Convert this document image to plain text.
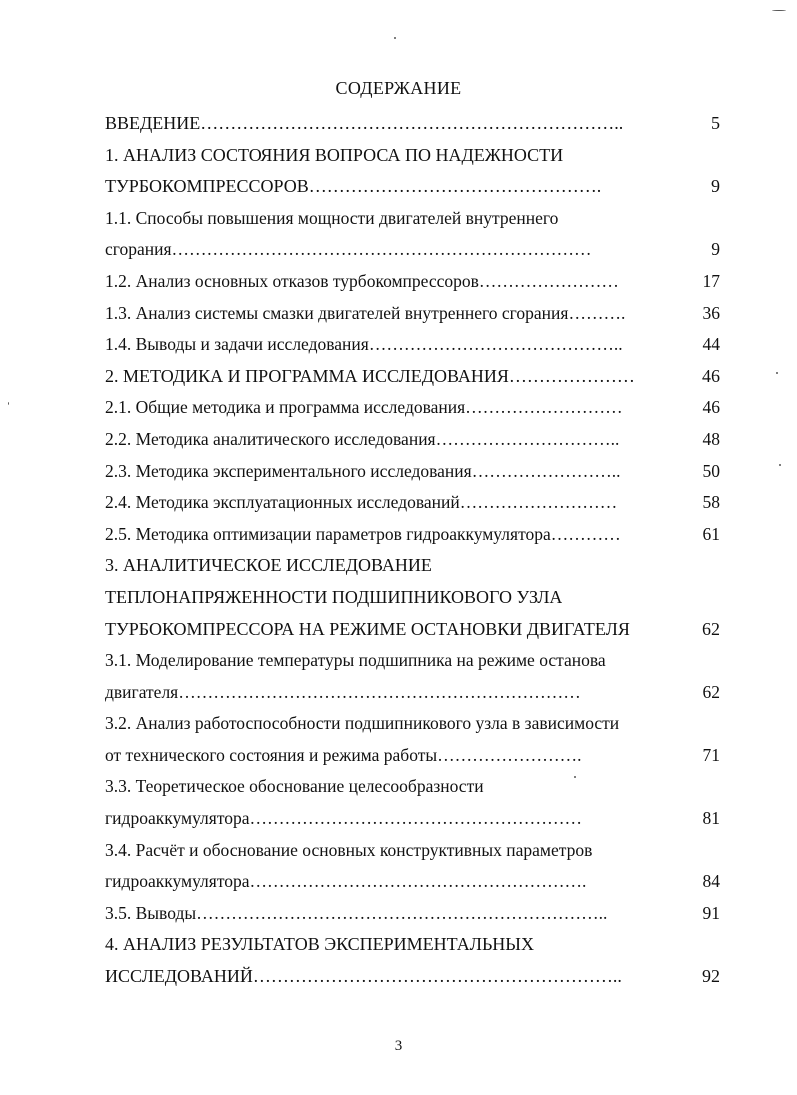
СОДЕРЖАНИЕ
ВВЕДЕНИЕ……………………………………………………………..	5
1. АНАЛИЗ СОСТОЯНИЯ ВОПРОСА ПО НАДЕЖНОСТИ
ТУРБОКОМПРЕССОРОВ………………………………………….	9
1.1. Способы повышения мощности двигателей внутреннего
сгорания………………………………………………………………	9
1.2. Анализ основных отказов турбокомпрессоров……………………	17
1.3. Анализ системы смазки двигателей внутреннего сгорания……….	36
1.4. Выводы и задачи исследования……………………………………..	44
2. МЕТОДИКА И ПРОГРАММА ИССЛЕДОВАНИЯ…………………	46
2.1. Общие методика и программа исследования………………………	46
2.2. Методика аналитического исследования…………………………..	48
2.3. Методика экспериментального исследования……………………..	50
2.4. Методика эксплуатационных исследований………………………	58
2.5. Методика оптимизации параметров гидроаккумулятора…………	61
3. АНАЛИТИЧЕСКОЕ ИССЛЕДОВАНИЕ
ТЕПЛОНАПРЯЖЕННОСТИ ПОДШИПНИКОВОГО УЗЛА
ТУРБОКОМПРЕССОРА НА РЕЖИМЕ ОСТАНОВКИ ДВИГАТЕЛЯ	62
3.1. Моделирование температуры подшипника на режиме останова
двигателя……………………………………………………………	62
3.2. Анализ работоспособности подшипникового узла в зависимости
от технического состояния и режима работы…………………….	71
3.3. Теоретическое обоснование целесообразности
гидроаккумулятора…………………………………………………	81
3.4. Расчёт и обоснование основных конструктивных параметров
гидроаккумулятора………………………………………………….	84
3.5. Выводы……………………………………………………………..	91
4. АНАЛИЗ РЕЗУЛЬТАТОВ ЭКСПЕРИМЕНТАЛЬНЫХ
ИССЛЕДОВАНИЙ……………………………………………………..	92
3
